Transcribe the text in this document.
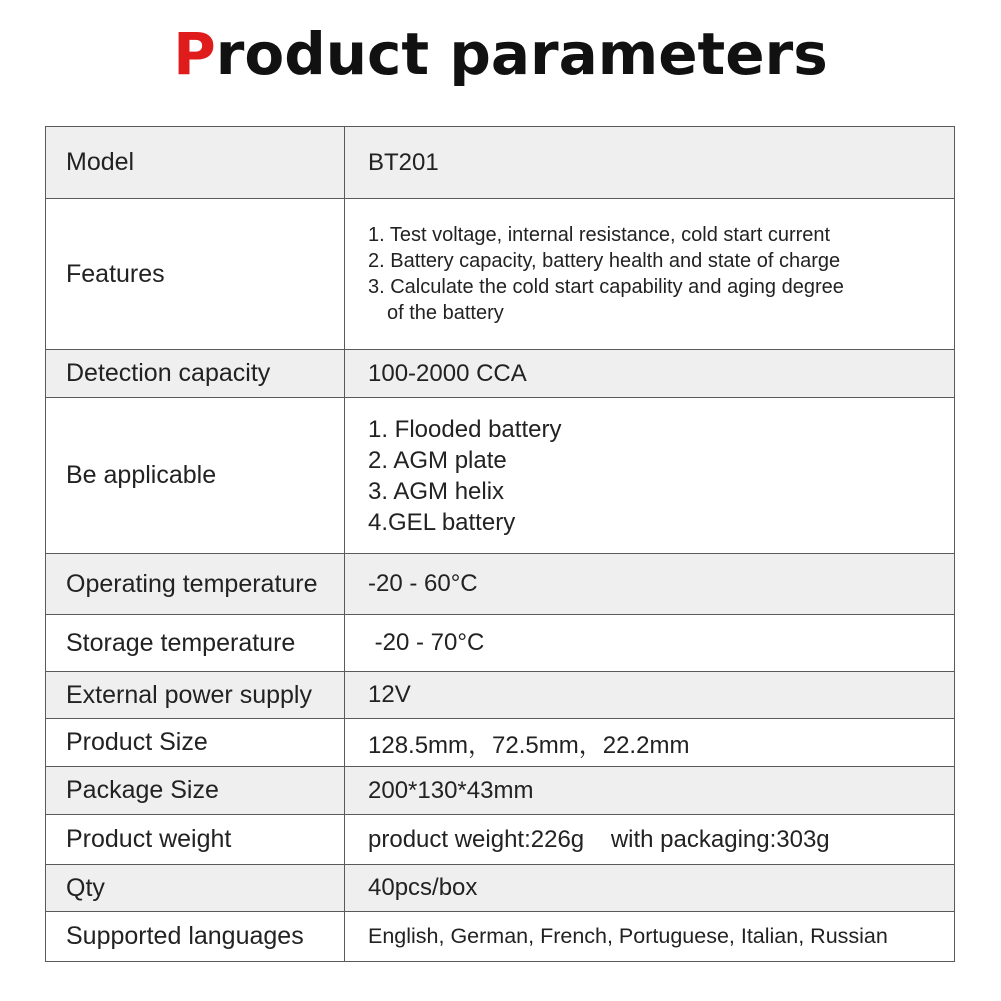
Product parameters
Model	BT201
Features	1. Test voltage, internal resistance, cold start current
2. Battery capacity, battery health and state of charge
3. Calculate the cold start capability and aging degree
of the battery

Detection capacity	100-2000 CCA
Be applicable	1. Flooded battery
2. AGM plate
3. AGM helix
4.GEL battery

Operating temperature	-20 - 60°C
Storage temperature	-20 - 70°C
External power supply	12V
Product Size	128.5mm，72.5mm，22.2mm
Package Size	200*130*43mm
Product weight	product weight:226g    with packaging:303g
Qty	40pcs/box
Supported languages	English, German, French, Portuguese, Italian, Russian
